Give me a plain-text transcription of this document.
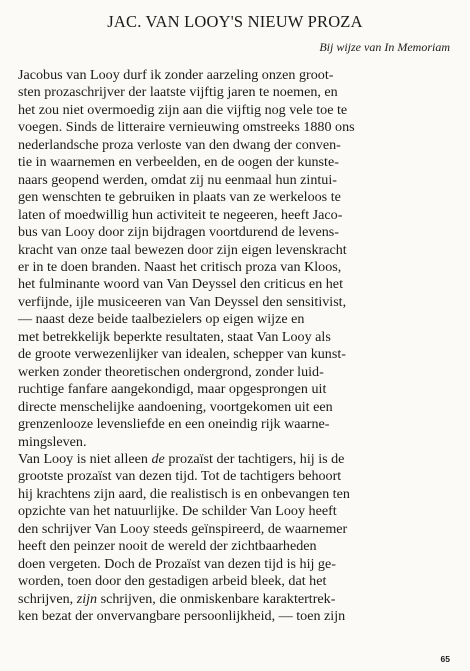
JAC. VAN LOOY'S NIEUW PROZA
Bij wijze van In Memoriam
Jacobus van Looy durf ik zonder aarzeling onzen groot-
sten prozaschrijver der laatste vijftig jaren te noemen, en
het zou niet overmoedig zijn aan die vijftig nog vele toe te
voegen. Sinds de litteraire vernieuwing omstreeks 1880 ons
nederlandsche proza verloste van den dwang der conven-
tie in waarnemen en verbeelden, en de oogen der kunste-
naars geopend werden, omdat zij nu eenmaal hun zintui-
gen wenschten te gebruiken in plaats van ze werkeloos te
laten of moedwillig hun activiteit te negeeren, heeft Jaco-
bus van Looy door zijn bijdragen voortdurend de levens-
kracht van onze taal bewezen door zijn eigen levenskracht
er in te doen branden. Naast het critisch proza van Kloos,
het fulminante woord van Van Deyssel den criticus en het
verfijnde, ijle musiceeren van Van Deyssel den sensitivist,
— naast deze beide taalbezielers op eigen wijze en
met betrekkelijk beperkte resultaten, staat Van Looy als
de groote verwezenlijker van idealen, schepper van kunst-
werken zonder theoretischen ondergrond, zonder luid-
ruchtige fanfare aangekondigd, maar opgesprongen uit
directe menschelijke aandoening, voortgekomen uit een
grenzenlooze levensliefde en een oneindig rijk waarne-
mingsleven.
Van Looy is niet alleen de prozaïst der tachtigers, hij is de
grootste prozaïst van dezen tijd. Tot de tachtigers behoort
hij krachtens zijn aard, die realistisch is en onbevangen ten
opzichte van het natuurlijke. De schilder Van Looy heeft
den schrijver Van Looy steeds geïnspireerd, de waarnemer
heeft den peinzer nooit de wereld der zichtbaarheden
doen vergeten. Doch de Prozaïst van dezen tijd is hij ge-
worden, toen door den gestadigen arbeid bleek, dat het
schrijven, zijn schrijven, die onmiskenbare karaktertrek-
ken bezat der onvervangbare persoonlijkheid, — toen zijn
65
